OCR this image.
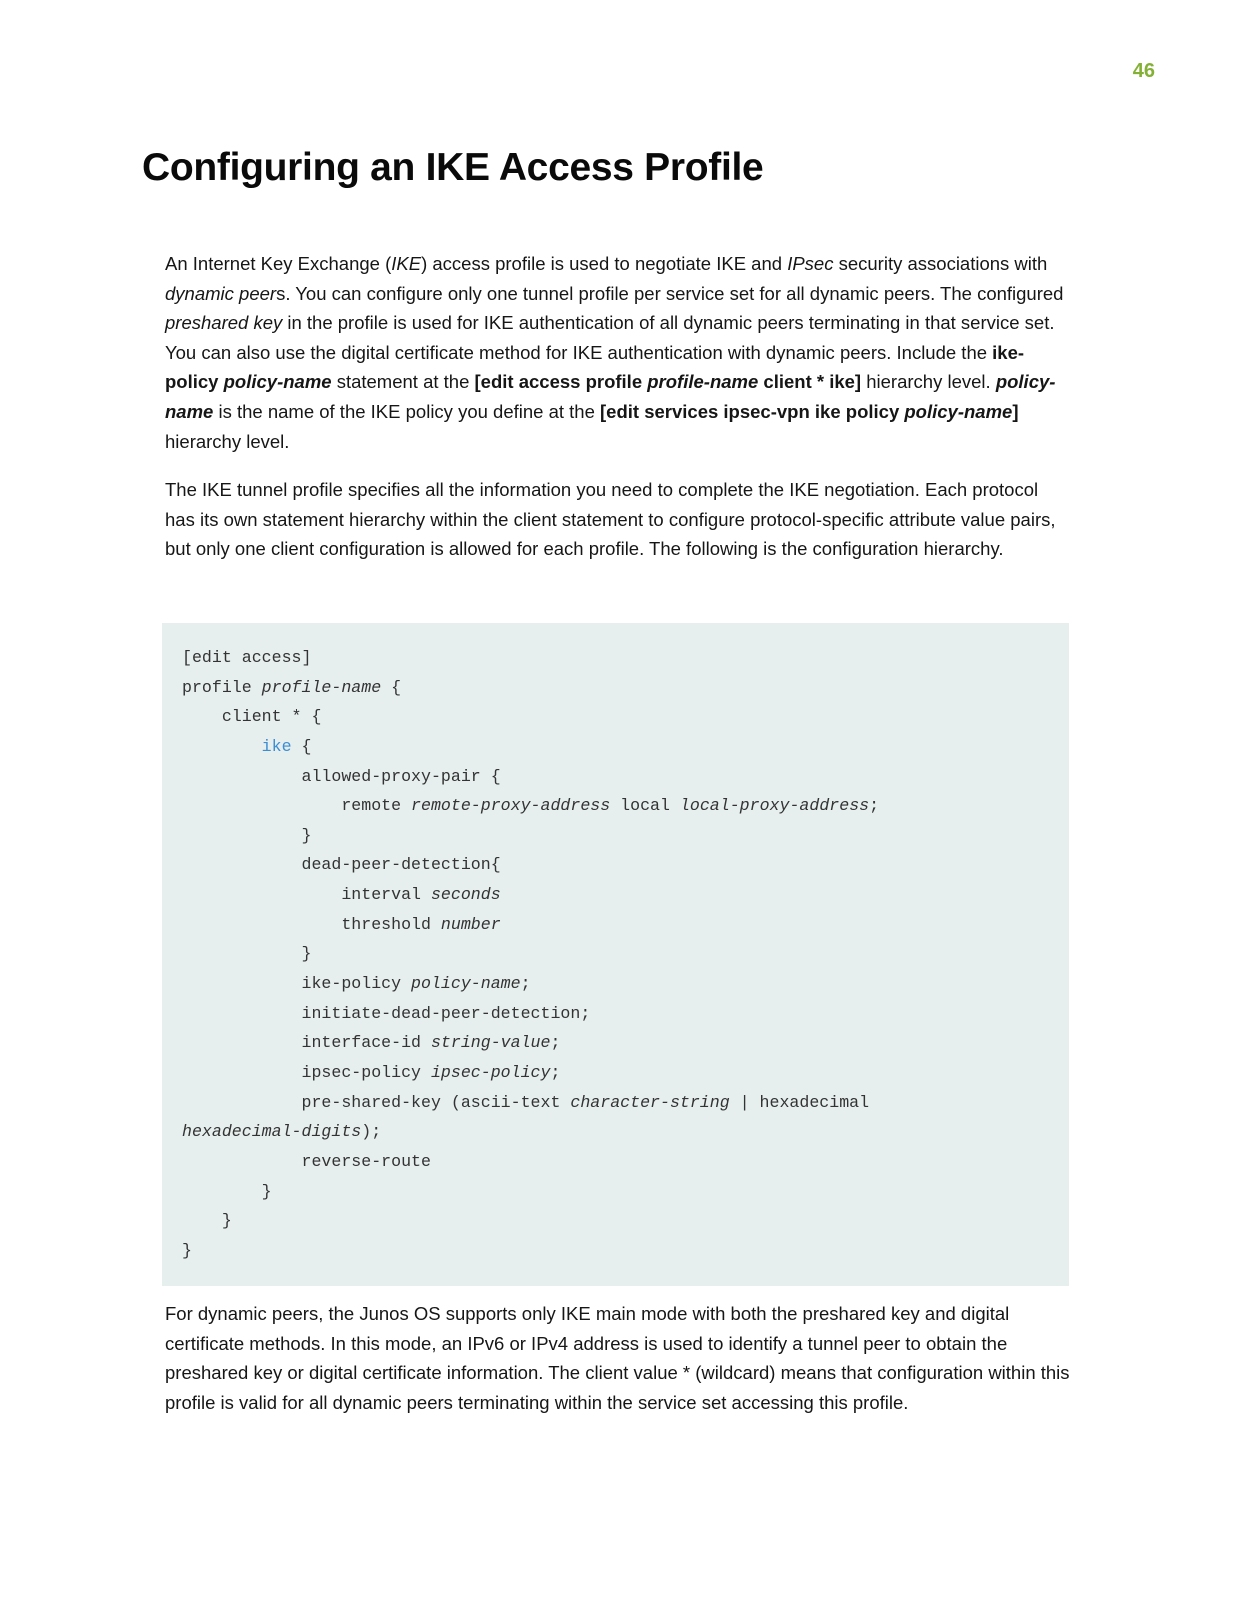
46
Configuring an IKE Access Profile

An Internet Key Exchange (IKE) access profile is used to negotiate IKE and IPsec security associations with dynamic peers. You can configure only one tunnel profile per service set for all dynamic peers. The configured preshared key in the profile is used for IKE authentication of all dynamic peers terminating in that service set. You can also use the digital certificate method for IKE authentication with dynamic peers. Include the ike-policy policy-name statement at the [edit access profile profile-name client * ike] hierarchy level. policy-name is the name of the IKE policy you define at the [edit services ipsec-vpn ike policy policy-name] hierarchy level.

The IKE tunnel profile specifies all the information you need to complete the IKE negotiation. Each protocol has its own statement hierarchy within the client statement to configure protocol-specific attribute value pairs, but only one client configuration is allowed for each profile. The following is the configuration hierarchy.

[edit access]
profile profile-name {
client * {
ike {
allowed-proxy-pair {
remote remote-proxy-address local local-proxy-address;
}
dead-peer-detection{
interval seconds
threshold number
}
ike-policy policy-name;
initiate-dead-peer-detection;
interface-id string-value;
ipsec-policy ipsec-policy;
pre-shared-key (ascii-text character-string | hexadecimal
hexadecimal-digits);
reverse-route
}
}
}

For dynamic peers, the Junos OS supports only IKE main mode with both the preshared key and digital certificate methods. In this mode, an IPv6 or IPv4 address is used to identify a tunnel peer to obtain the preshared key or digital certificate information. The client value * (wildcard) means that configuration within this profile is valid for all dynamic peers terminating within the service set accessing this profile.
